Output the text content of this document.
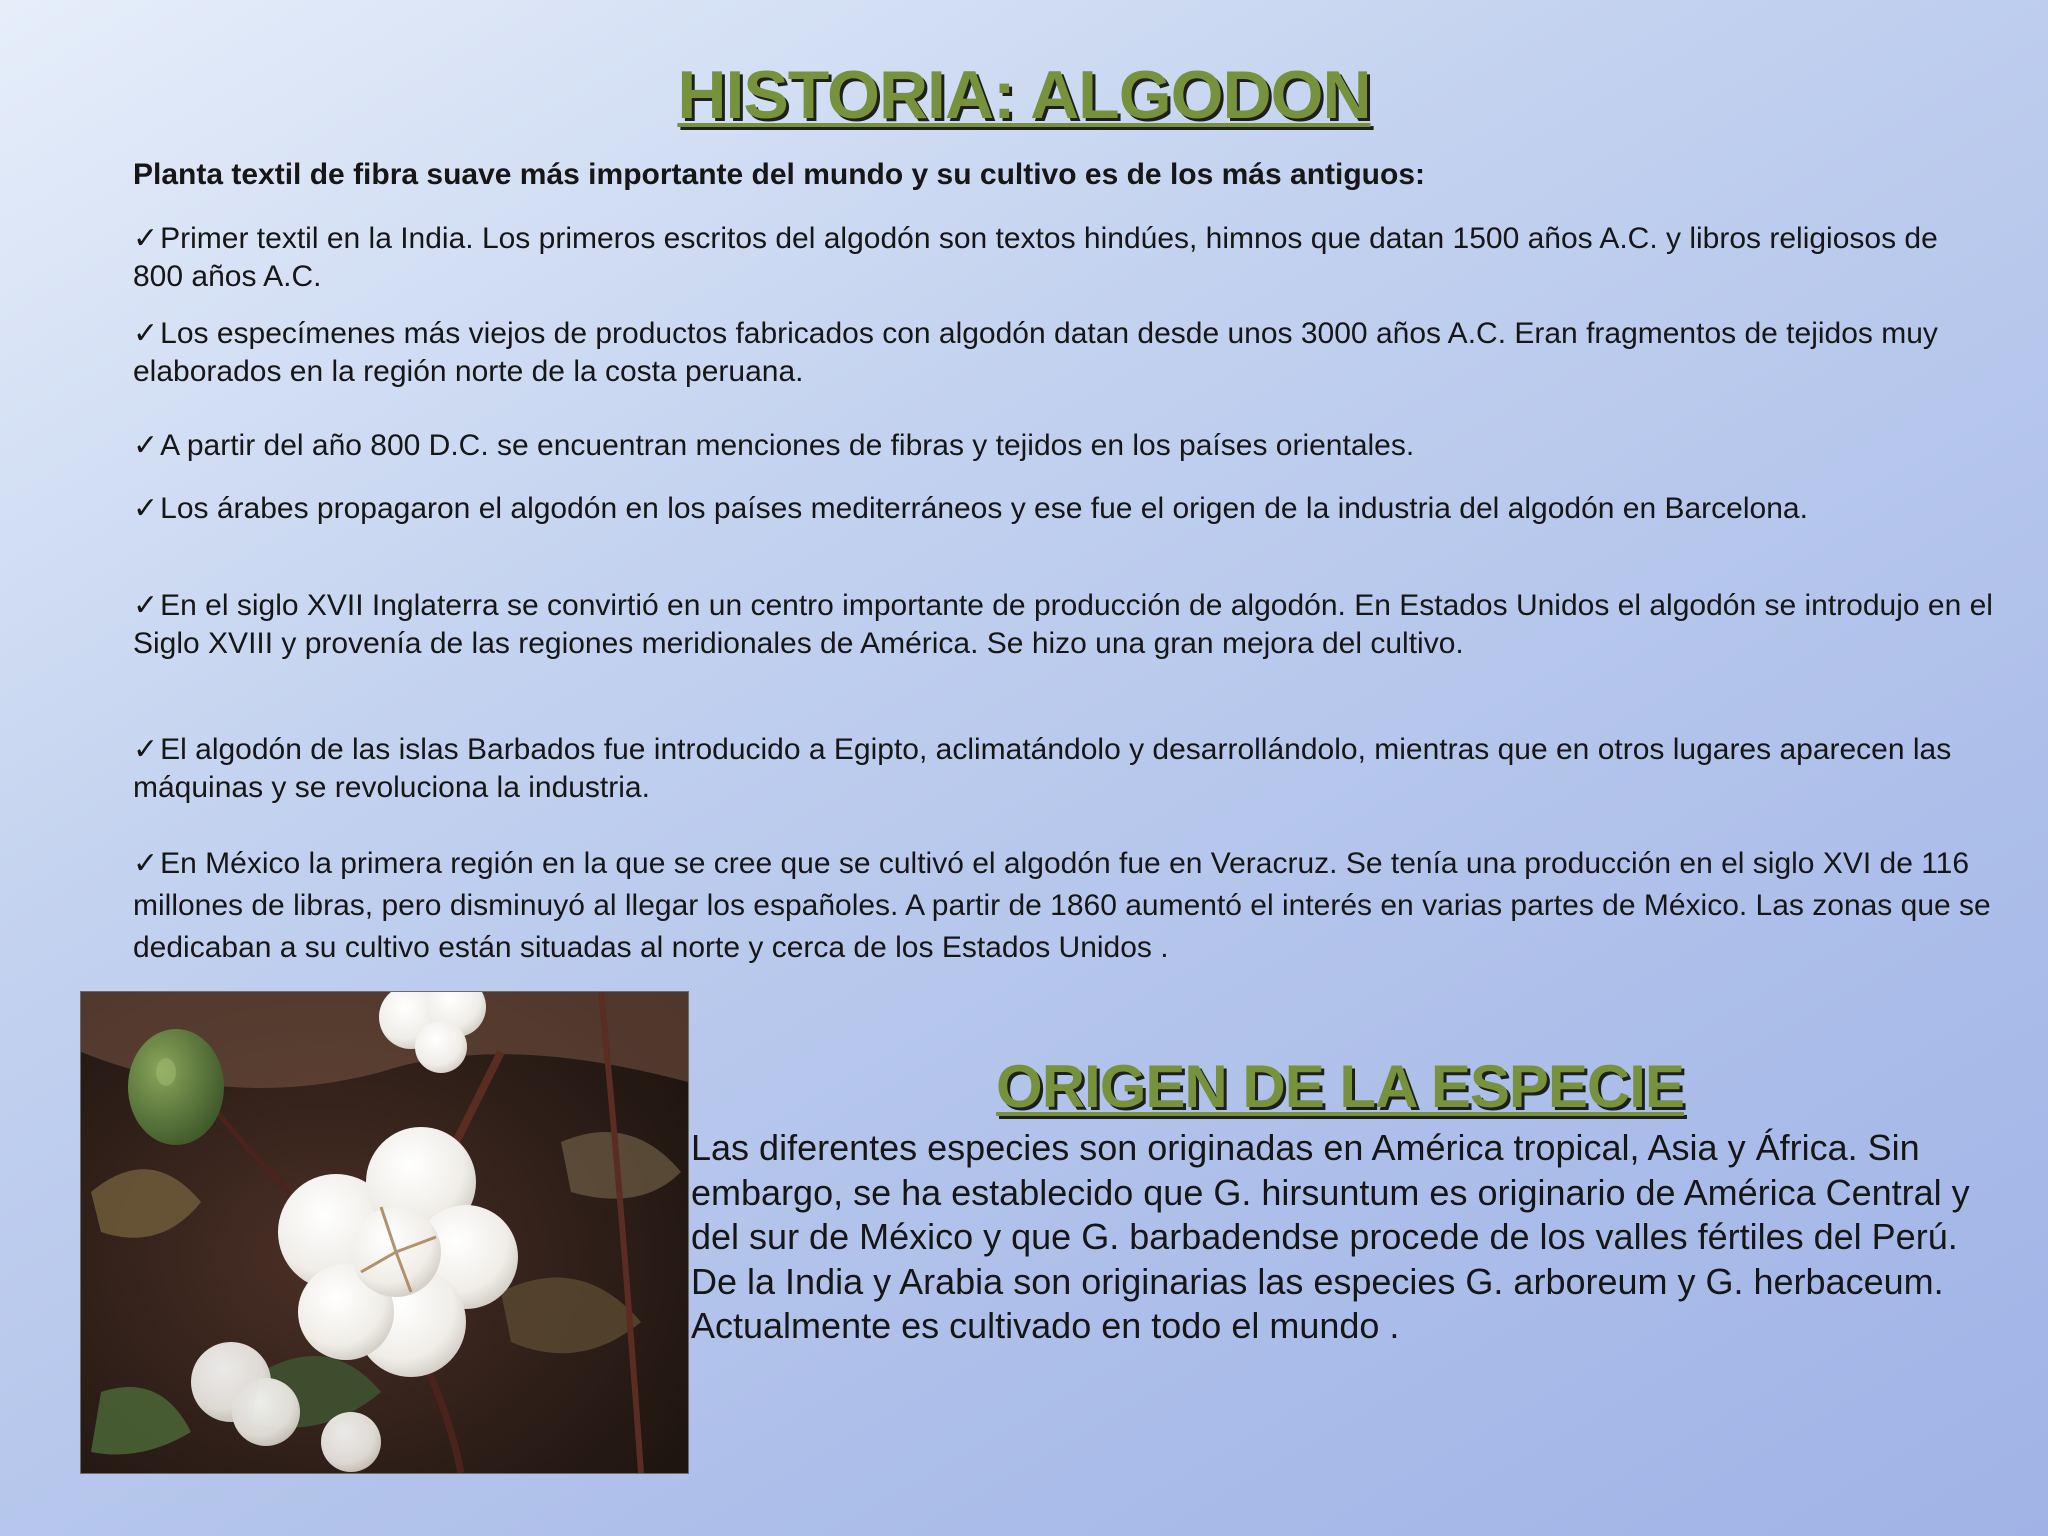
HISTORIA: ALGODON

Planta textil de fibra suave más importante del mundo y su cultivo es de los más antiguos:

✓ Primer textil en la India. Los primeros escritos del algodón son textos hindúes, himnos que datan 1500 años A.C. y libros religiosos de 800 años A.C.
✓ Los especímenes más viejos de productos fabricados con algodón datan desde unos 3000 años A.C. Eran fragmentos de tejidos muy elaborados en la región norte de la costa peruana.
✓ A partir del año 800 D.C. se encuentran menciones de fibras y tejidos en los países orientales.
✓ Los árabes propagaron el algodón en los países mediterráneos y ese fue el origen de la industria del algodón en Barcelona.
✓ En el siglo XVII Inglaterra se convirtió en un centro importante de producción de algodón. En Estados Unidos el algodón se introdujo en el Siglo XVIII y provenía de las regiones meridionales de América. Se hizo una gran mejora del cultivo.
✓ El algodón de las islas Barbados fue introducido a Egipto, aclimatándolo y desarrollándolo, mientras que en otros lugares aparecen las máquinas y se revoluciona la industria.
✓ En México la primera región en la que se cree que se cultivó el algodón fue en Veracruz. Se tenía una producción en el siglo XVI de 116 millones de libras, pero disminuyó al llegar los españoles. A partir de 1860 aumentó el interés en varias partes de México. Las zonas que se dedicaban a su cultivo están situadas al norte y cerca de los Estados Unidos .
ORIGEN DE LA ESPECIE

Las diferentes especies son originadas en América tropical, Asia y África. Sin embargo, se ha establecido que G. hirsuntum es originario de América Central y del sur de México y que G. barbadendse procede de los valles fértiles del Perú. De la India y Arabia son originarias las especies G. arboreum y G. herbaceum. Actualmente es cultivado en todo el mundo .
